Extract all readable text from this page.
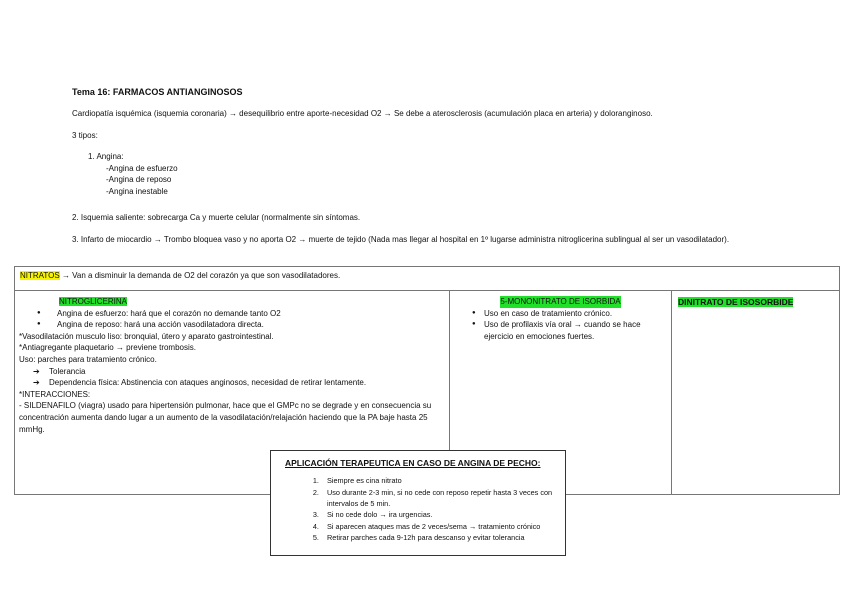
Tema 16: FARMACOS ANTIANGINOSOS
Cardiopatía isquémica (isquemia coronaria) → desequilibrio entre aporte-necesidad O2 → Se debe a aterosclerosis (acumulación placa en arteria) y doloranginoso.
3 tipos:
1. Angina:
-Angina de esfuerzo
-Angina de reposo
-Angina inestable
2. Isquemia saliente: sobrecarga Ca y muerte celular (normalmente sin síntomas.
3. Infarto de miocardio → Trombo bloquea vaso y no aporta O2 → muerte de tejido (Nada mas llegar al hospital en 1º lugarse administra nitroglicerina sublingual al ser un vasodilatador).
NITRATOS → Van a disminuir la demanda de O2 del corazón ya que son vasodilatadores.
NITROGLICERINA
● Angina de esfuerzo: hará que el corazón no demande tanto O2
● Angina de reposo: hará una acción vasodilatadora directa.
*Vasodilatación musculo liso: bronquial, útero y aparato gastrointestinal.
*Antiagregante plaquetario → previene trombosis.
Uso: parches para tratamiento crónico.
➔ Tolerancia
➔ Dependencia física: Abstinencia con ataques anginosos, necesidad de retirar lentamente.
*INTERACCIONES:
- SILDENAFILO (viagra) usado para hipertensión pulmonar, hace que el GMPc no se degrade y en consecuencia su concentración aumenta dando lugar a un aumento de la vasodilatación/relajación haciendo que la PA baje hasta 25 mmHg.
5-MONONITRATO DE ISORBIDA
● Uso en caso de tratamiento crónico.
● Uso de profilaxis vía oral → cuando se hace ejercicio en emociones fuertes.
DINITRATO DE ISOSORBIDE
APLICACIÓN TERAPEUTICA EN CASO DE ANGINA DE PECHO:
1. Siempre es cina nitrato
2. Uso durante 2-3 min, si no cede con reposo repetir hasta 3 veces con intervalos de 5 min.
3. Si no cede dolo → ira urgencias.
4. Si aparecen ataques mas de 2 veces/sema → tratamiento crónico
5. Retirar parches cada 9-12h para descanso y evitar tolerancia
